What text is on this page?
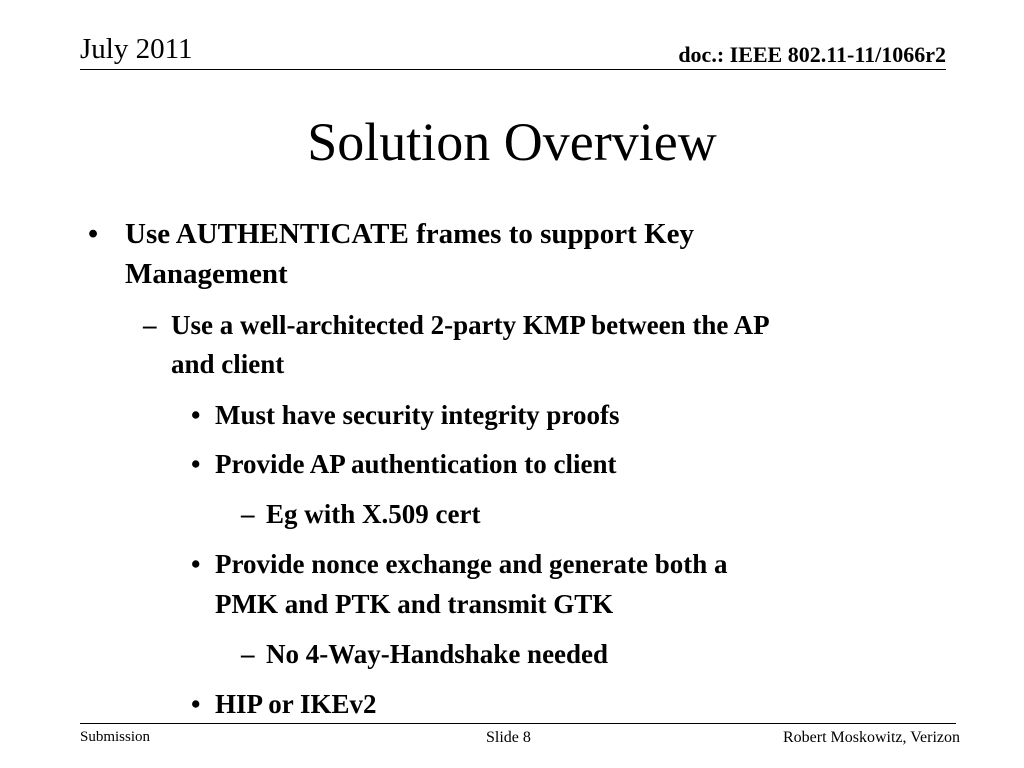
July 2011	doc.: IEEE 802.11-11/1066r2
Solution Overview
• Use AUTHENTICATE frames to support Key
Management
– Use a well-architected 2-party KMP between the AP
and client
• Must have security integrity proofs
• Provide AP authentication to client
– Eg with X.509 cert
• Provide nonce exchange and generate both a
PMK and PTK and transmit GTK
– No 4-Way-Handshake needed
• HIP or IKEv2
Submission	Slide 8	Robert Moskowitz, Verizon
